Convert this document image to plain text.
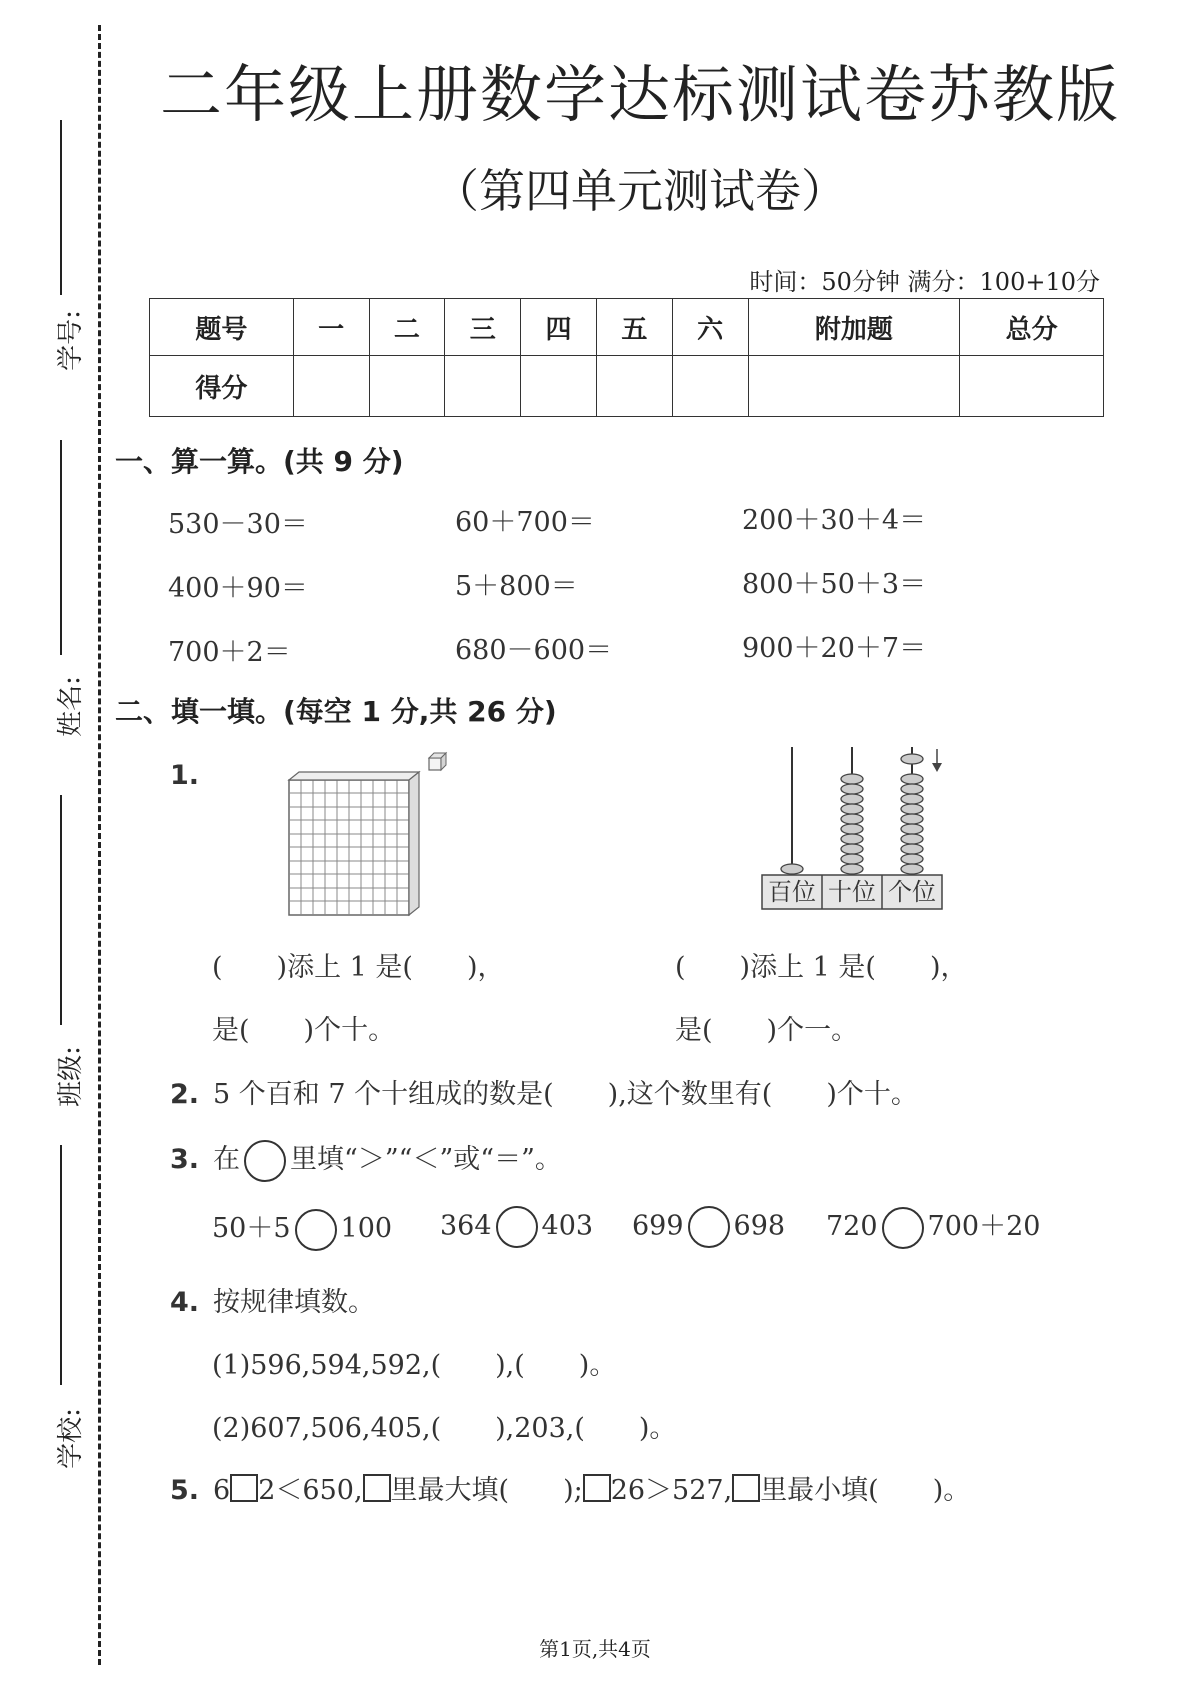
学号:
姓名:
班级:
学校:
二年级上册数学达标测试卷苏教版
（第四单元测试卷）
时间：50分钟 满分：100+10分
题号	一	二	三	四	五	六	附加题	总分
得分								
一、算一算。(共 9 分)
530－30＝	60＋700＝	200＋30＋4＝
400＋90＝	5＋800＝	800＋50＋3＝
700＋2＝	680－600＝	900＋20＋7＝
二、填一填。(每空 1 分,共 26 分)
1.
百位 十位 个位
(　　)添上 1 是(　　)，
是(　　)个十。
(　　)添上 1 是(　　)，
是(　　)个一。
2. 5 个百和 7 个十组成的数是(　　),这个数里有(　　)个十。
3. 在 里填“＞”“＜”或“＝”。
50＋5 100 364 403 699 698 720 700＋20
4. 按规律填数。
(1)596,594,592,(　　),(　　)。
(2)607,506,405,(　　),203,(　　)。
5. 6 2＜650, 里最大填(　　); 26＞527, 里最小填(　　)。
第1页,共4页
